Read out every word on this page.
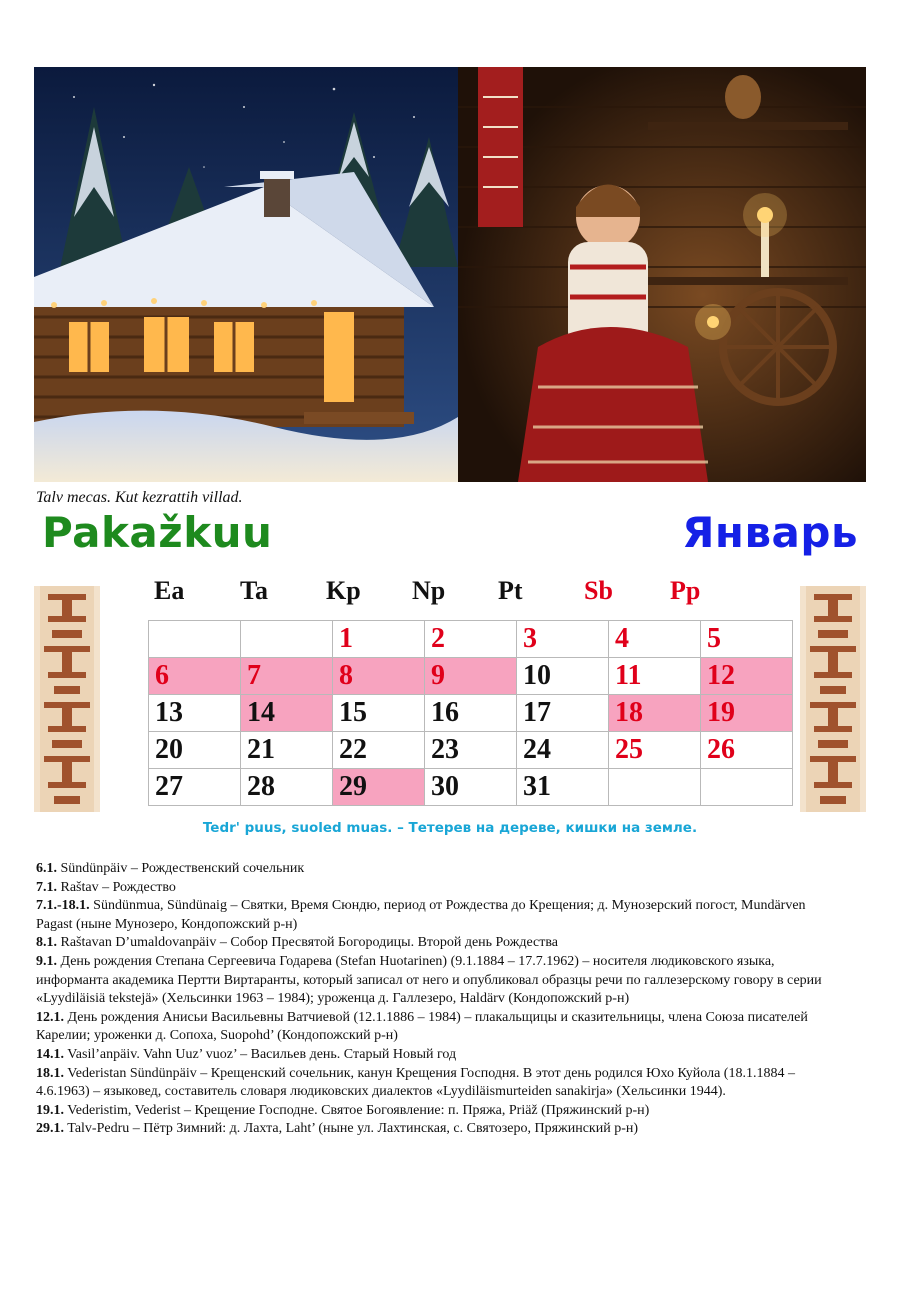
Talv mecas. Kut kezrattih villad.
Pakažkuu	Январь
Ea	Ta	Kp	Np	Pt	Sb	Pp
		1	2	3	4	5
6	7	8	9	10	11	12
13	14	15	16	17	18	19
20	21	22	23	24	25	26
27	28	29	30	31		
Tedr' puus, suoled muas. – Тетерев на дереве, кишки на земле.

6.1. Sündünpäiv – Рождественский сочельник

7.1. Raštav – Рождество

7.1.-18.1. Sündünmua, Sündünaig – Святки, Время Сюндю, период от Рождества до Крещения; д. Мунозерский погост, Mundärven Pagast (ныне Мунозеро, Кондопожский р-н)

8.1. Raštavan D’umaldovanpäiv – Собор Пресвятой Богородицы. Второй день Рождества

9.1. День рождения Степана Сергеевича Годарева (Stefan Huotarinen) (9.1.1884 – 17.7.1962) – носителя людиковского языка, информанта академика Пертти Виртаранты, который записал от него и опубликовал образцы речи по галлезерскому говору в серии «Lyydiläisiä tekstejä» (Хельсинки 1963 – 1984); уроженца д. Галлезеро, Haldärv (Кондопожский р-н)

12.1. День рождения Анисьи Васильевны Ватчиевой (12.1.1886 – 1984) – плакальщицы и сказительницы, члена Союза писателей Карелии; уроженки д. Сопоха, Suopohd’ (Кондопожский р-н)

14.1. Vasil’anpäiv. Vahn Uuz’ vuoz’ – Васильев день. Старый Новый год

18.1. Vederistan Sündünpäiv – Крещенский сочельник, канун Крещения Господня. В этот день родился Юхо Куйола (18.1.1884 – 4.6.1963) – языковед, составитель словаря людиковских диалектов «Lyydiläismurteiden sanakirja» (Хельсинки 1944).

19.1. Vederistim, Vederist – Крещение Господне. Святое Богоявление: п. Пряжа, Priäž (Пряжинский р-н)

29.1. Talv-Pedru – Пётр Зимний: д. Лахта, Laht’ (ныне ул. Лахтинская, с. Святозеро, Пряжинский р-н)
